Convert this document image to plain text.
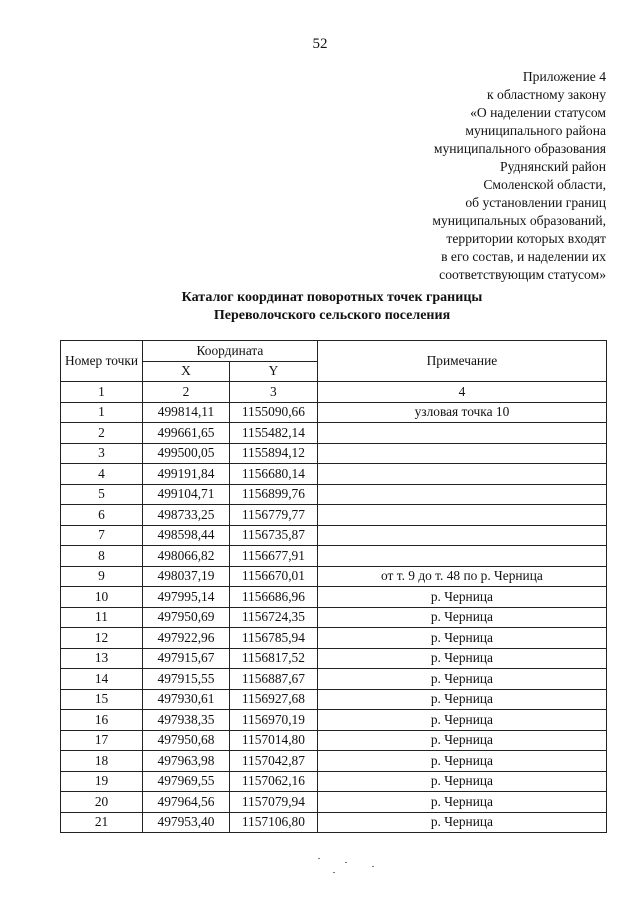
52
Приложение 4
к областному закону
«О наделении статусом
муниципального района
муниципального образования
Руднянский район
Смоленской области,
об установлении границ
муниципальных образований,
территории которых входят
в его состав, и наделении их
соответствующим статусом»
Каталог координат поворотных точек границы
Переволочского сельского поселения
Номер точки	Координата		Примечание
	X	Y	
1	2	3	4
1	499814,11	1155090,66	узловая точка 10
2	499661,65	1155482,14	
3	499500,05	1155894,12	
4	499191,84	1156680,14	
5	499104,71	1156899,76	
6	498733,25	1156779,77	
7	498598,44	1156735,87	
8	498066,82	1156677,91	
9	498037,19	1156670,01	от т. 9 до т. 48 по р. Черница
10	497995,14	1156686,96	р. Черница
11	497950,69	1156724,35	р. Черница
12	497922,96	1156785,94	р. Черница
13	497915,67	1156817,52	р. Черница
14	497915,55	1156887,67	р. Черница
15	497930,61	1156927,68	р. Черница
16	497938,35	1156970,19	р. Черница
17	497950,68	1157014,80	р. Черница
18	497963,98	1157042,87	р. Черница
19	497969,55	1157062,16	р. Черница
20	497964,56	1157079,94	р. Черница
21	497953,40	1157106,80	р. Черница
